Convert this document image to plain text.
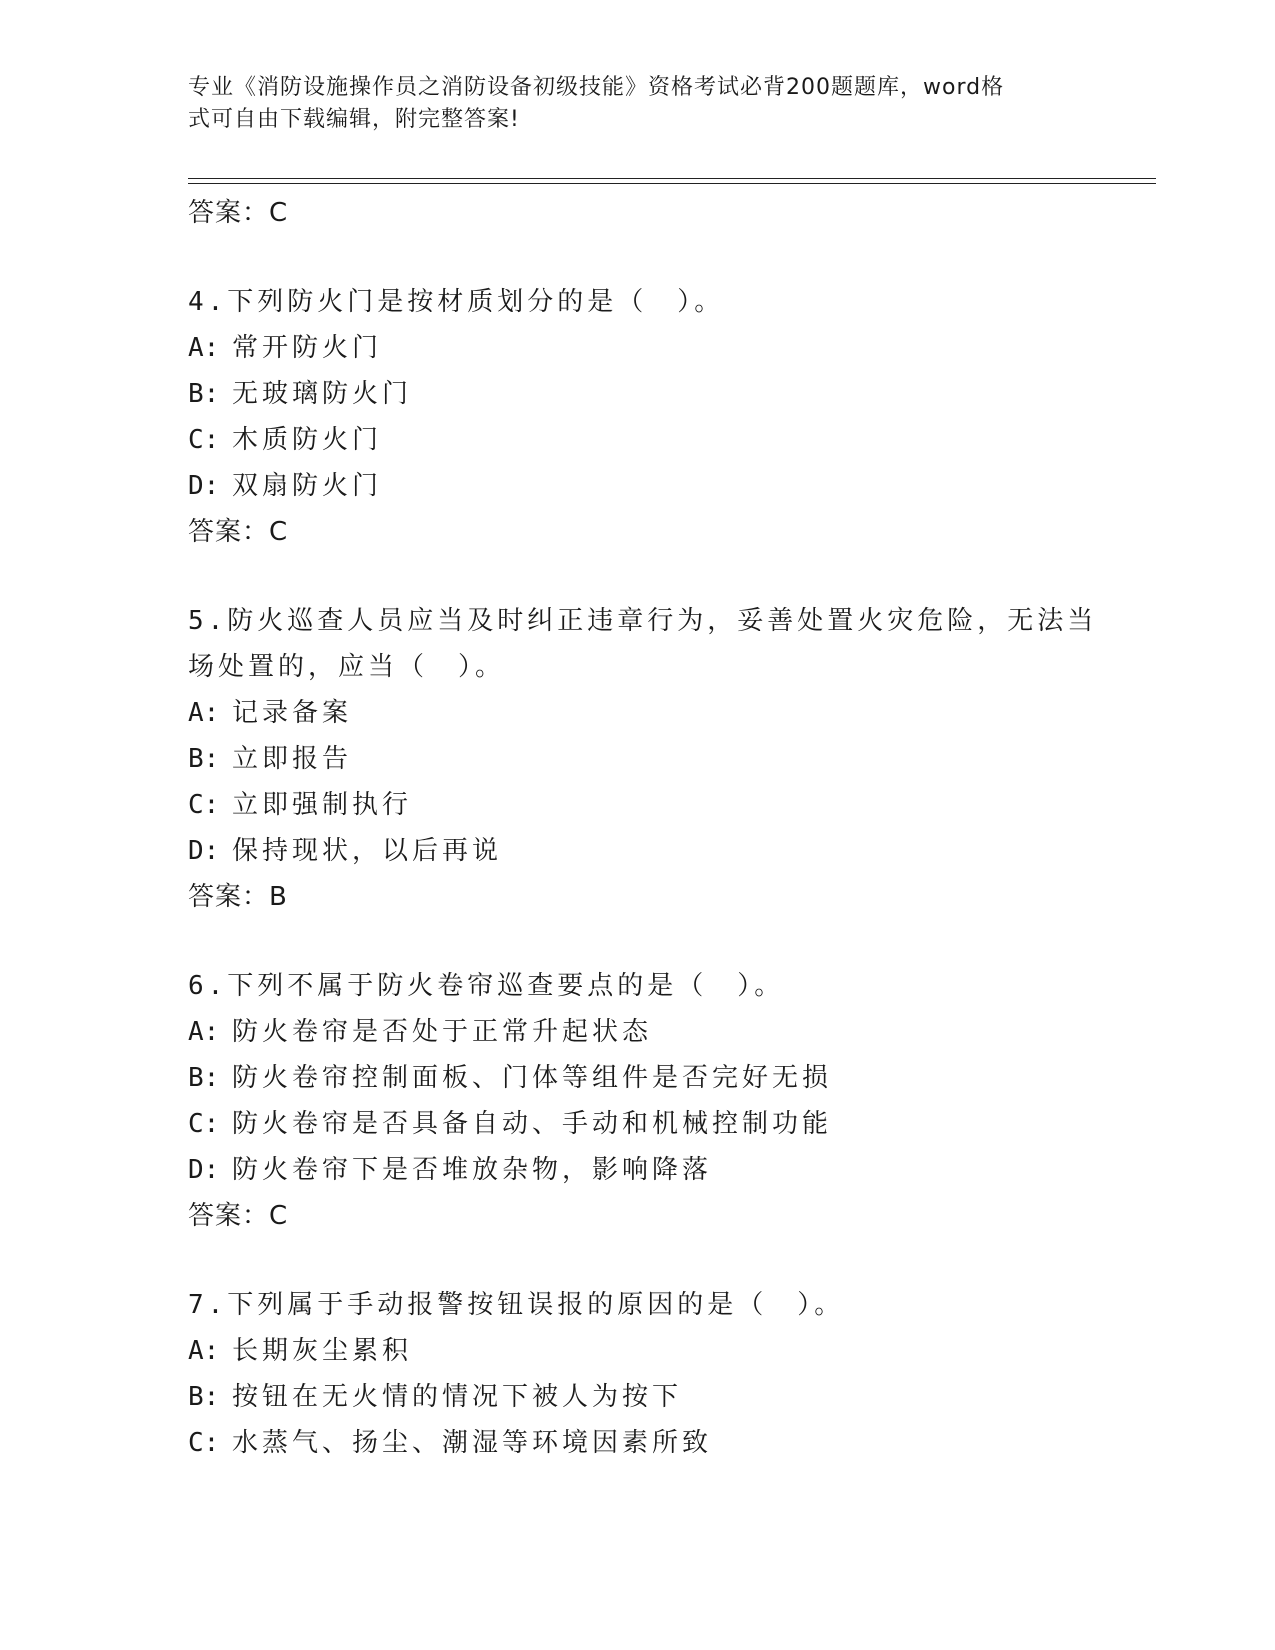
专业《消防设施操作员之消防设备初级技能》资格考试必背200题题库，word格
式可自由下载编辑，附完整答案!
答案：C
4.下列防火门是按材质划分的是（　）。
A: 常开防火门
B: 无玻璃防火门
C: 木质防火门
D: 双扇防火门
答案：C
5.防火巡查人员应当及时纠正违章行为，妥善处置火灾危险，无法当场处置的，应当（　）。
A: 记录备案
B: 立即报告
C: 立即强制执行
D: 保持现状，以后再说
答案：B
6.下列不属于防火卷帘巡查要点的是（　）。
A: 防火卷帘是否处于正常升起状态
B: 防火卷帘控制面板、门体等组件是否完好无损
C: 防火卷帘是否具备自动、手动和机械控制功能
D: 防火卷帘下是否堆放杂物，影响降落
答案：C
7.下列属于手动报警按钮误报的原因的是（　）。
A: 长期灰尘累积
B: 按钮在无火情的情况下被人为按下
C: 水蒸气、扬尘、潮湿等环境因素所致
